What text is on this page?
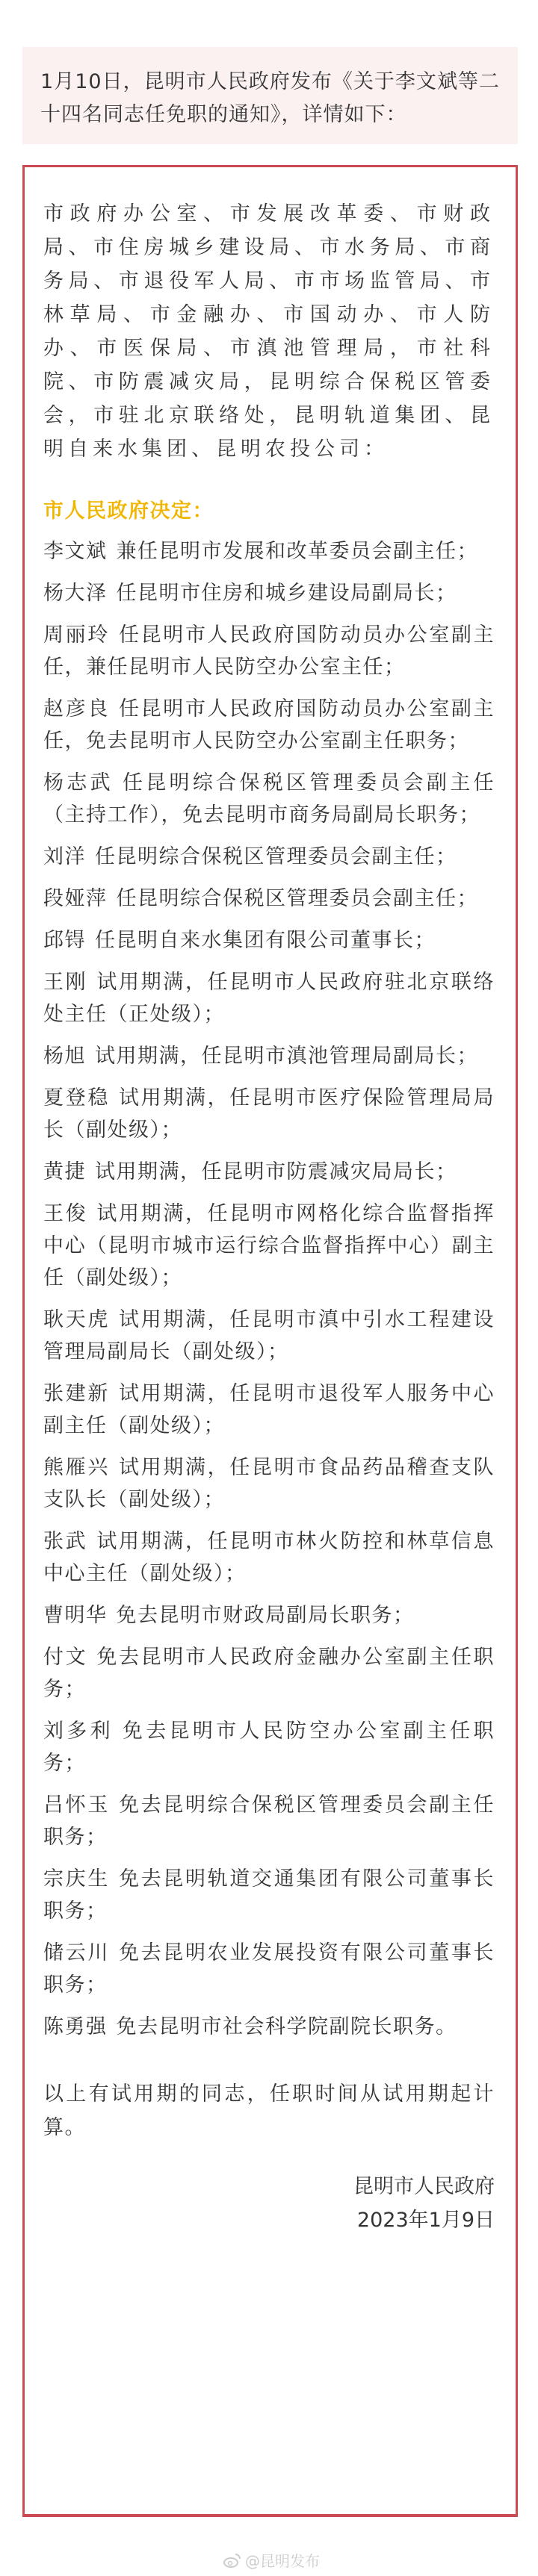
1月10日，昆明市人民政府发布《关于李文斌等二十四名同志任免职的通知》，详情如下：

市政府办公室、市发展改革委、市财政局、市住房城乡建设局、市水务局、市商务局、市退役军人局、市市场监管局、市林草局、市金融办、市国动办、市人防办、市医保局、市滇池管理局，市社科院、市防震减灾局，昆明综合保税区管委会，市驻北京联络处，昆明轨道集团、昆明自来水集团、昆明农投公司：

市人民政府决定：

李文斌 兼任昆明市发展和改革委员会副主任；

杨大泽 任昆明市住房和城乡建设局副局长；

周丽玲 任昆明市人民政府国防动员办公室副主任，兼任昆明市人民防空办公室主任；

赵彦良 任昆明市人民政府国防动员办公室副主任，免去昆明市人民防空办公室副主任职务；

杨志武 任昆明综合保税区管理委员会副主任（主持工作），免去昆明市商务局副局长职务；

刘洋 任昆明综合保税区管理委员会副主任；

段娅萍 任昆明综合保税区管理委员会副主任；

邱锝 任昆明自来水集团有限公司董事长；

王刚 试用期满，任昆明市人民政府驻北京联络处主任（正处级）；

杨旭 试用期满，任昆明市滇池管理局副局长；

夏登稳 试用期满，任昆明市医疗保险管理局局长（副处级）；

黄捷 试用期满，任昆明市防震减灾局局长；

王俊 试用期满，任昆明市网格化综合监督指挥中心（昆明市城市运行综合监督指挥中心）副主任（副处级）；

耿天虎 试用期满，任昆明市滇中引水工程建设管理局副局长（副处级）；

张建新 试用期满，任昆明市退役军人服务中心副主任（副处级）；

熊雁兴 试用期满，任昆明市食品药品稽查支队支队长（副处级）；

张武 试用期满，任昆明市林火防控和林草信息中心主任（副处级）；

曹明华 免去昆明市财政局副局长职务；

付文 免去昆明市人民政府金融办公室副主任职务；

刘多利 免去昆明市人民防空办公室副主任职务；

吕怀玉 免去昆明综合保税区管理委员会副主任职务；

宗庆生 免去昆明轨道交通集团有限公司董事长职务；

储云川 免去昆明农业发展投资有限公司董事长职务；

陈勇强 免去昆明市社会科学院副院长职务。

以上有试用期的同志，任职时间从试用期起计算。

昆明市人民政府

2023年1月9日

@昆明发布
